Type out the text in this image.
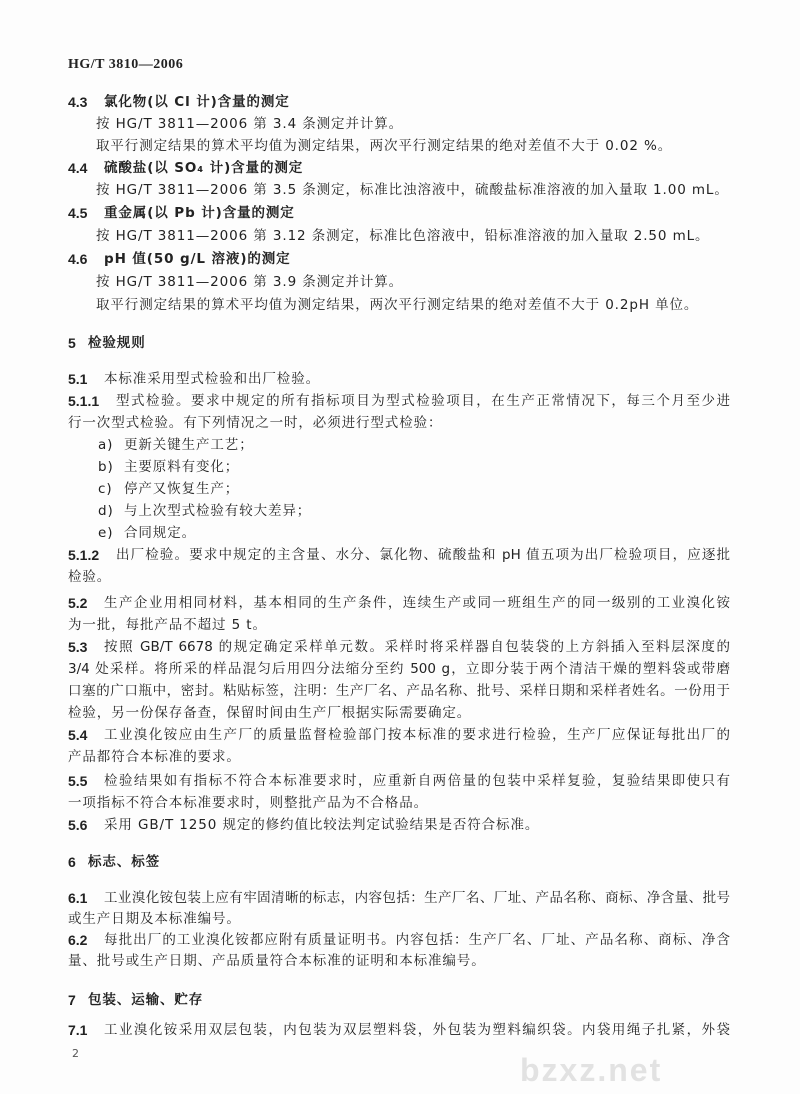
bzxz.net
HG/T 3810—2006
4.3 氯化物(以 Cl 计)含量的测定
按 HG/T 3811—2006 第 3.4 条测定并计算。
取平行测定结果的算术平均值为测定结果，两次平行测定结果的绝对差值不大于 0.02 %。
4.4 硫酸盐(以 SO₄ 计)含量的测定
按 HG/T 3811—2006 第 3.5 条测定，标准比浊溶液中，硫酸盐标准溶液的加入量取 1.00 mL。
4.5 重金属(以 Pb 计)含量的测定
按 HG/T 3811—2006 第 3.12 条测定，标准比色溶液中，铅标准溶液的加入量取 2.50 mL。
4.6 pH 值(50 g/L 溶液)的测定
按 HG/T 3811—2006 第 3.9 条测定并计算。
取平行测定结果的算术平均值为测定结果，两次平行测定结果的绝对差值不大于 0.2pH 单位。
5 检验规则
5.1 本标准采用型式检验和出厂检验。
5.1.1 型式检验。要求中规定的所有指标项目为型式检验项目，在生产正常情况下，每三个月至少进
行一次型式检验。有下列情况之一时，必须进行型式检验：
a) 更新关键生产工艺；
b) 主要原料有变化；
c) 停产又恢复生产；
d) 与上次型式检验有较大差异；
e) 合同规定。
5.1.2 出厂检验。要求中规定的主含量、水分、氯化物、硫酸盐和 pH 值五项为出厂检验项目，应逐批
检验。
5.2 生产企业用相同材料，基本相同的生产条件，连续生产或同一班组生产的同一级别的工业溴化铵
为一批，每批产品不超过 5 t。
5.3 按照 GB/T 6678 的规定确定采样单元数。采样时将采样器自包装袋的上方斜插入至料层深度的
3/4 处采样。将所采的样品混匀后用四分法缩分至约 500 g，立即分装于两个清洁干燥的塑料袋或带磨
口塞的广口瓶中，密封。粘贴标签，注明：生产厂名、产品名称、批号、采样日期和采样者姓名。一份用于
检验，另一份保存备查，保留时间由生产厂根据实际需要确定。
5.4 工业溴化铵应由生产厂的质量监督检验部门按本标准的要求进行检验，生产厂应保证每批出厂的
产品都符合本标准的要求。
5.5 检验结果如有指标不符合本标准要求时，应重新自两倍量的包装中采样复验，复验结果即使只有
一项指标不符合本标准要求时，则整批产品为不合格品。
5.6 采用 GB/T 1250 规定的修约值比较法判定试验结果是否符合标准。
6 标志、标签
6.1 工业溴化铵包装上应有牢固清晰的标志，内容包括：生产厂名、厂址、产品名称、商标、净含量、批号
或生产日期及本标准编号。
6.2 每批出厂的工业溴化铵都应附有质量证明书。内容包括：生产厂名、厂址、产品名称、商标、净含
量、批号或生产日期、产品质量符合本标准的证明和本标准编号。
7 包装、运输、贮存
7.1 工业溴化铵采用双层包装，内包装为双层塑料袋，外包装为塑料编织袋。内袋用绳子扎紧，外袋
2
